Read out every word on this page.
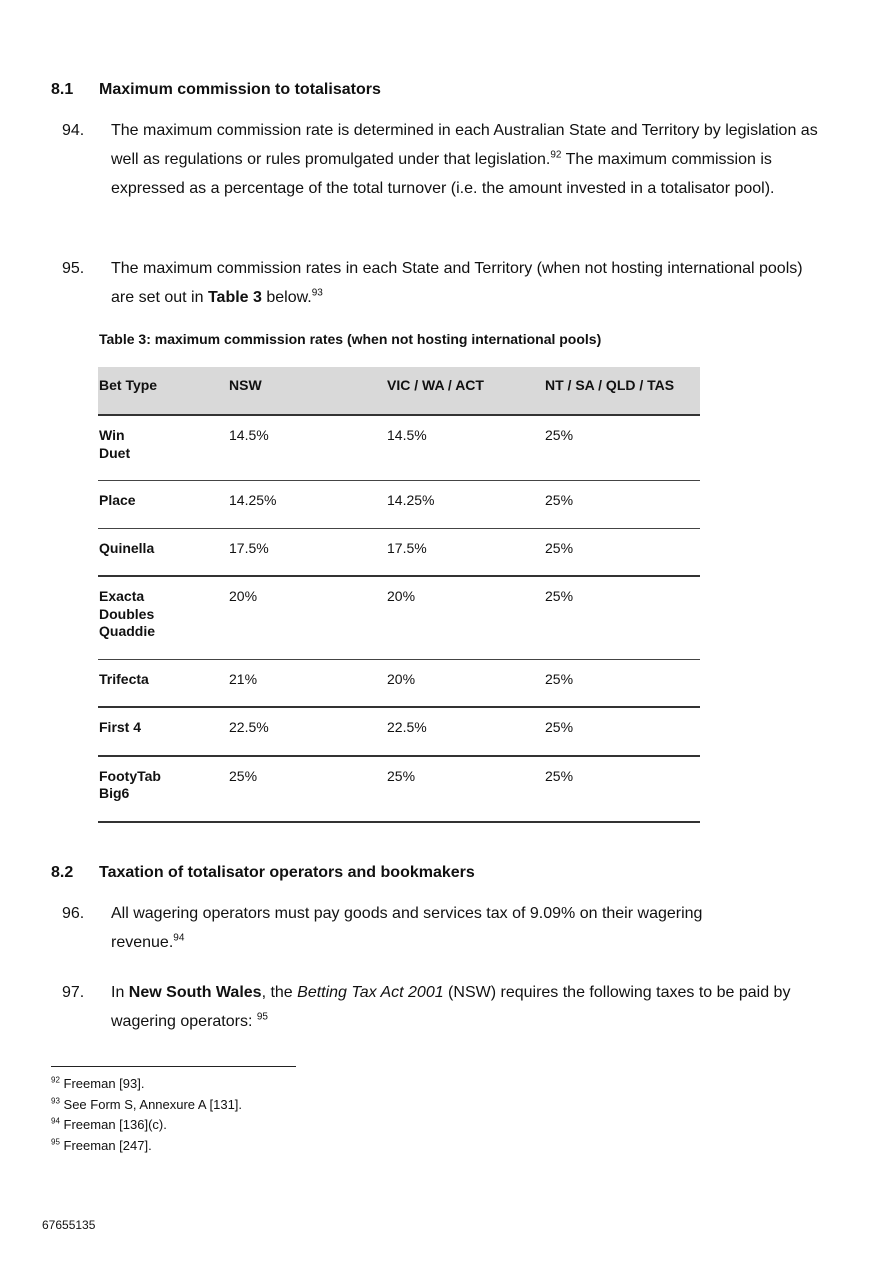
8.1 Maximum commission to totalisators
94. The maximum commission rate is determined in each Australian State and Territory by legislation as well as regulations or rules promulgated under that legislation.$^{92}$ The maximum commission is expressed as a percentage of the total turnover (i.e. the amount invested in a totalisator pool).
95. The maximum commission rates in each State and Territory (when not hosting international pools) are set out in Table 3 below.$^{93}$
Table 3: maximum commission rates (when not hosting international pools)
Bet Type	NSW	VIC / WA / ACT	NT / SA / QLD / TAS

Win
Duet	14.5%	14.5%	25%

Place	14.25%	14.25%	25%

Quinella	17.5%	17.5%	25%

Exacta
Doubles
Quaddie	20%	20%	25%

Trifecta	21%	20%	25%

First 4	22.5%	22.5%	25%

FootyTab
Big6	25%	25%	25%
8.2 Taxation of totalisator operators and bookmakers
96. All wagering operators must pay goods and services tax of 9.09% on their wagering revenue.$^{94}$
97. In New South Wales, the Betting Tax Act 2001 (NSW) requires the following taxes to be paid by wagering operators: $^{95}$
$^{92}$ Freeman [93].
$^{93}$ See Form S, Annexure A [131].
$^{94}$ Freeman [136](c).
$^{95}$ Freeman [247].
67655135
